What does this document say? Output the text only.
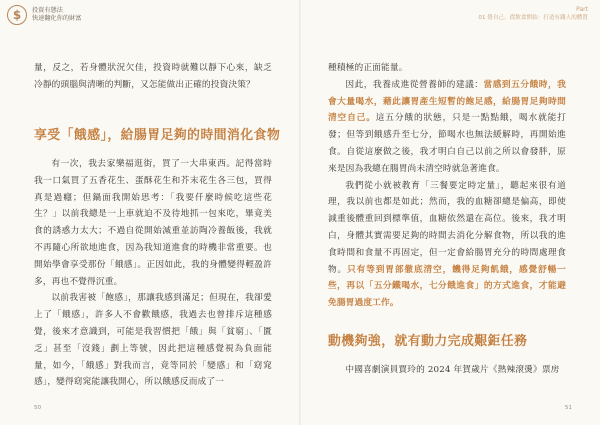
$	投資有態法
快速翻化你的財富

量，反之，若身體狀況欠佳，投資時就難以靜下心來，缺乏冷靜的頭腦與清晰的判斷，又怎能做出正確的投資決策？

享受「餓感」，給腸胃足夠的時間消化食物

有一次，我去家樂福逛街，買了一大串東西。記得當時我一口氣買了五香花生、蛋酥花生和芥末花生各三包，買得真是過癮；但鍋面我開始思考：「我要仟麼時候吃這些花生？」以前我總是一上車就迫不及待地抓一包來吃，畢竟美食的誘惑力太大；不過自從開始減重並訪陶冷養飯後，我就不再隨心所欲地進食，因為我知道進食的時機非常重要。也開始學會享受那份「餓感」。正因如此，我的身體變得輕盈許多，再也不覺得沉重。

以前我害被「飽感」，那讓我感到滿足；但現在，我卻愛上了「餓感」，許多人不會歡餓感，我過去也曾排斥這種感覺，後來才意識到，可能是我習慣把「餓」與「貧窮」、「匱乏」甚至「沒錢」劃上等號，因此把這種感覺視為負面能量，如今，「餓感」對我而言，竟等同於「變感」和「窈窕感」，變得窈窕能讓我開心，所以餓感反而成了一

50
Part
01 覺自己，從飲食開始：打造有錢人的體質

種積極的正面能量。

因此，我養成進從營養師的建議：當感到五分餓時，我會大量喝水，藉此讓胃產生短暫的飽足感，給腸胃足夠時間清空自己。這五分餓的狀態，只是一點點餓，喝水就能打發；但等到餓感升至七分，節喝水也無法緩解時，再開始進食。自從這麼做之後，我才明白自己以前之所以會發胖，原來是因為我總在腸胃尚未清空時就急著進食。

我們從小就被教育「三餐要定時定量」，聽起來很有道理，我以前也都是如此；然而，我的血糖卻總是偏高，即使減重後體重回到標準值，血糖依然還在高位。後來，我才明白，身體其實需要足夠的時間去消化分解食物，所以我的進食時間和食量不再固定，但一定會給腸胃充分的時間處理食物。只有等到胃部徹底清空，饑得足夠飢餓，感覺舒暢一些，再以「五分鐵喝水，七分餓進食」的方式進食，才能避免腸胃過度工作。

動機夠強，就有動力完成艱鉅任務

中國喜劇演員賈玲的 2024 年賀歲片《熱辣滾燙》票房

51
